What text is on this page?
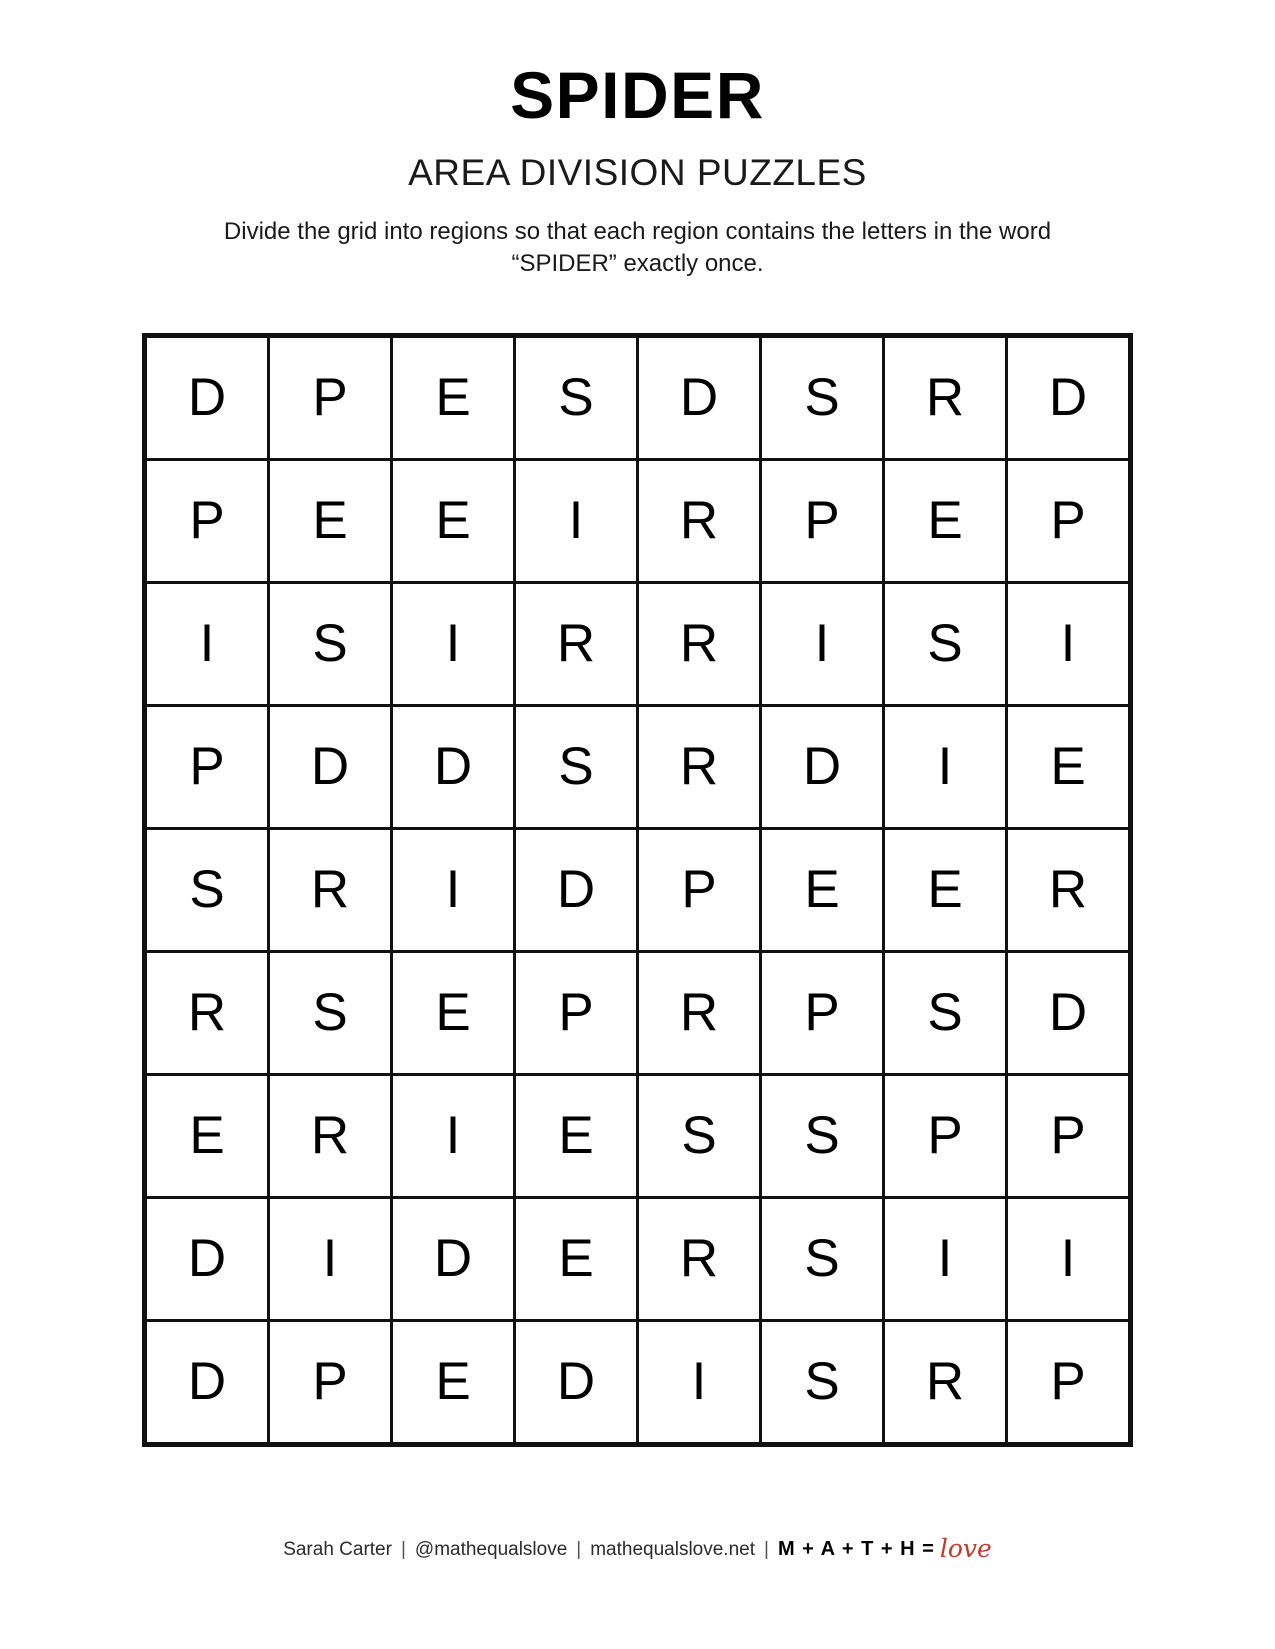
SPIDER
AREA DIVISION PUZZLES
Divide the grid into regions so that each region contains the letters in the word “SPIDER” exactly once.
D	P	E	S	D	S	R	D
P	E	E	I	R	P	E	P
I	S	I	R	R	I	S	I
P	D	D	S	R	D	I	E
S	R	I	D	P	E	E	R
R	S	E	P	R	P	S	D
E	R	I	E	S	S	P	P
D	I	D	E	R	S	I	I
D	P	E	D	I	S	R	P
Sarah Carter | @mathequalslove | mathequalslove.net | M + A + T + H = love
